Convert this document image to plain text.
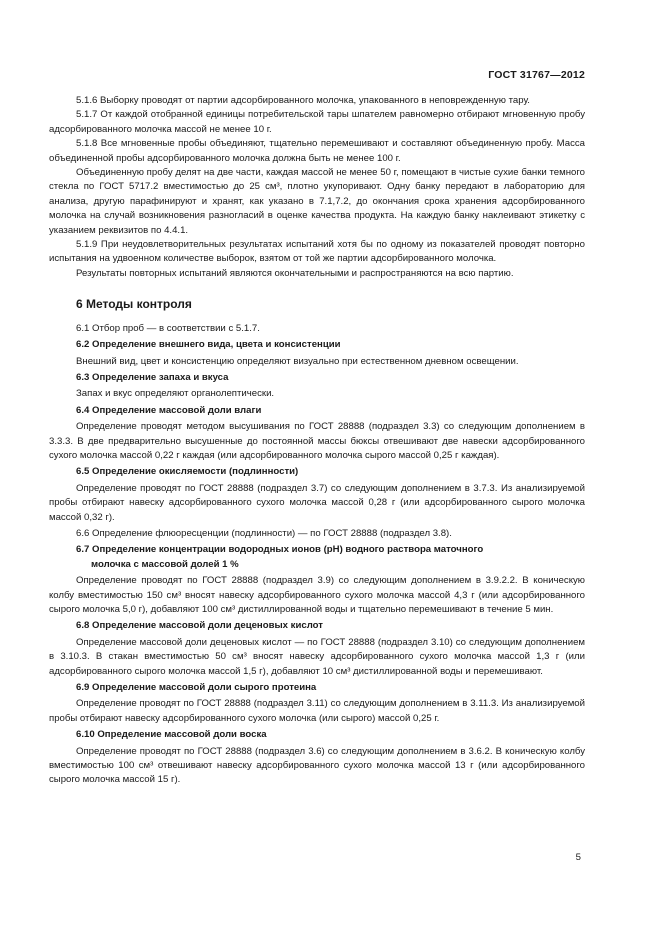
ГОСТ 31767—2012

5.1.6 Выборку проводят от партии адсорбированного молочка, упакованного в неповрежденную тару.

5.1.7 От каждой отобранной единицы потребительской тары шпателем равномерно отбирают мгновенную пробу адсорбированного молочка массой не менее 10 г.

5.1.8 Все мгновенные пробы объединяют, тщательно перемешивают и составляют объединенную пробу. Масса объединенной пробы адсорбированного молочка должна быть не менее 100 г.

Объединенную пробу делят на две части, каждая массой не менее 50 г, помещают в чистые сухие банки темного стекла по ГОСТ 5717.2 вместимостью до 25 см³, плотно укупоривают. Одну банку передают в лабораторию для анализа, другую парафинируют и хранят, как указано в 7.1,7.2, до окончания срока хранения адсорбированного молочка на случай возникновения разногласий в оценке качества продукта. На каждую банку наклеивают этикетку с указанием реквизитов по 4.4.1.

5.1.9 При неудовлетворительных результатах испытаний хотя бы по одному из показателей проводят повторно испытания на удвоенном количестве выборок, взятом от той же партии адсорбированного молочка.

Результаты повторных испытаний являются окончательными и распространяются на всю партию.

6 Методы контроля

6.1 Отбор проб — в соответствии с 5.1.7.

6.2 Определение внешнего вида, цвета и консистенции

Внешний вид, цвет и консистенцию определяют визуально при естественном дневном освещении.

6.3 Определение запаха и вкуса

Запах и вкус определяют органолептически.

6.4 Определение массовой доли влаги

Определение проводят методом высушивания по ГОСТ 28888 (подраздел 3.3) со следующим дополнением в 3.3.3. В две предварительно высушенные до постоянной массы бюксы отвешивают две навески адсорбированного сухого молочка массой 0,22 г каждая (или адсорбированного молочка сырого массой 0,25 г каждая).

6.5 Определение окисляемости (подлинности)

Определение проводят по ГОСТ 28888 (подраздел 3.7) со следующим дополнением в 3.7.3. Из анализируемой пробы отбирают навеску адсорбированного сухого молочка массой 0,28 г (или адсорбированного сырого молочка массой 0,32 г).

6.6 Определение флюоресценции (подлинности) — по ГОСТ 28888 (подраздел 3.8).

6.7 Определение концентрации водородных ионов (pH) водного раствора маточного
молочка с массовой долей 1 %

Определение проводят по ГОСТ 28888 (подраздел 3.9) со следующим дополнением в 3.9.2.2. В коническую колбу вместимостью 150 см³ вносят навеску адсорбированного сухого молочка массой 4,3 г (или адсорбированного сырого молочка 5,0 г), добавляют 100 см³ дистиллированной воды и тщательно перемешивают в течение 5 мин.

6.8 Определение массовой доли децeновых кислот

Определение массовой доли децeновых кислот — по ГОСТ 28888 (подраздел 3.10) со следующим дополнением в 3.10.3. В стакан вместимостью 50 см³ вносят навеску адсорбированного сухого молочка массой 1,3 г (или адсорбированного сырого молочка массой 1,5 г), добавляют 10 см³ дистиллированной воды и перемешивают.

6.9 Определение массовой доли сырого протеина

Определение проводят по ГОСТ 28888 (подраздел 3.11) со следующим дополнением в 3.11.3. Из анализируемой пробы отбирают навеску адсорбированного сухого молочка (или сырого) массой 0,25 г.

6.10 Определение массовой доли воска

Определение проводят по ГОСТ 28888 (подраздел 3.6) со следующим дополнением в 3.6.2. В коническую колбу вместимостью 100 см³ отвешивают навеску адсорбированного сухого молочка массой 13 г (или адсорбированного сырого молочка массой 15 г).

5
